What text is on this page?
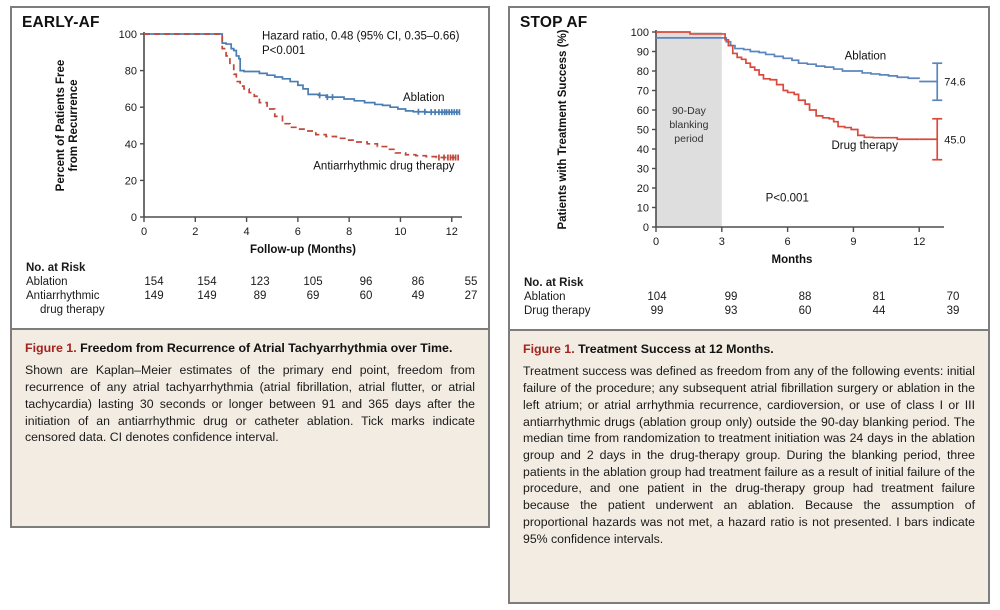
EARLY-AF
0
20
40
60
80
100
0	2	4	6	8	10	12
Follow-up (Months)
Percent of Patients Free from Recurrence	Ablation
Antiarrhythmic drug therapy
Hazard ratio, 0.48 (95% CI, 0.35–0.66)
P<0.001
No. at Risk
Ablation	154	154	123	105	96	86	55
Antiarrhythmic	149	149	89	69	60	49	27
drug therapy
Figure 1. Freedom from Recurrence of Atrial Tachyarrhythmia over Time.
Shown are Kaplan–Meier estimates of the primary end point, freedom from recurrence of any atrial tachyarrhythmia (atrial fibrillation, atrial flutter, or atrial tachycardia) lasting 30 seconds or longer between 91 and 365 days after the initiation of an antiarrhythmic drug or catheter ablation. Tick marks indicate censored data. CI denotes confidence interval.
STOP AF
90-Day
blanking
period
0
10
20
30
40
50
60
70
80
90
100
0	3	6	9	12
Months
Patients with Treatment Success (%)	Ablation
74.6
Drug therapy	45.0
P<0.001
No. at Risk
Ablation	104	99	88	81	70
Drug therapy	99	93	60	44	39
Figure 1. Treatment Success at 12 Months.
Treatment success was defined as freedom from any of the following events: initial failure of the procedure; any subsequent atrial fibrillation surgery or ablation in the left atrium; or atrial arrhythmia recurrence, cardioversion, or use of class I or III antiarrhythmic drugs (ablation group only) outside the 90-day blanking period. The median time from randomization to treatment initiation was 24 days in the ablation group and 2 days in the drug-therapy group. During the blanking period, three patients in the ablation group had treatment failure as a result of initial failure of the procedure, and one patient in the drug-therapy group had treatment failure because the patient underwent an ablation. Because the assumption of proportional hazards was not met, a hazard ratio is not presented. I bars indicate 95% confidence intervals.
